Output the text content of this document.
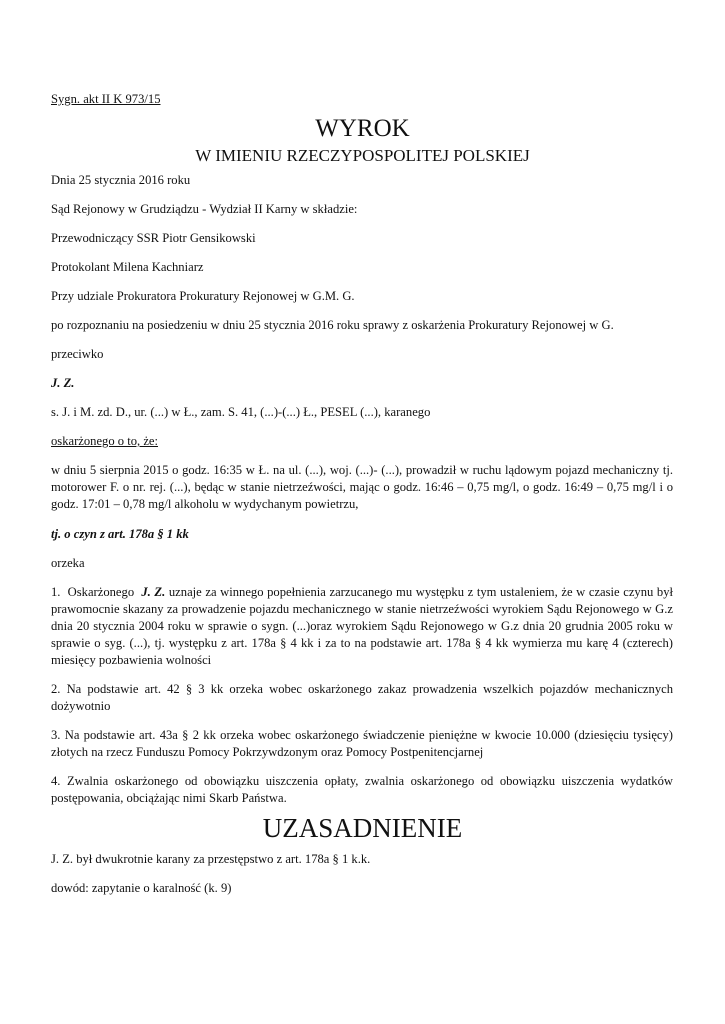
Sygn. akt II K 973/15
WYROK
W IMIENIU RZECZYPOSPOLITEJ POLSKIEJ
Dnia 25 stycznia 2016 roku
Sąd Rejonowy w Grudziądzu - Wydział II Karny w składzie:
Przewodniczący SSR Piotr Gensikowski
Protokolant Milena Kachniarz
Przy udziale Prokuratora Prokuratury Rejonowej w G.M. G.
po rozpoznaniu na posiedzeniu w dniu 25 stycznia 2016 roku sprawy z oskarżenia Prokuratury Rejonowej w G.
przeciwko
J. Z.
s. J. i M. zd. D., ur. (...) w Ł., zam. S. 41, (...)-(...) Ł., PESEL (...), karanego
oskarżonego o to, że:
w dniu 5 sierpnia 2015 o godz. 16:35 w Ł. na ul. (...), woj. (...)- (...), prowadził w ruchu lądowym pojazd mechaniczny tj. motorower F. o nr. rej. (...), będąc w stanie nietrzeźwości, mając o godz. 16:46 – 0,75 mg/l, o godz. 16:49 – 0,75 mg/l i o godz. 17:01 – 0,78 mg/l alkoholu w wydychanym powietrzu,
tj. o czyn z art. 178a § 1 kk
orzeka
1.  Oskarżonego  J. Z. uznaje za winnego popełnienia zarzucanego mu występku z tym ustaleniem, że w czasie czynu był prawomocnie skazany za prowadzenie pojazdu mechanicznego w stanie nietrzeźwości wyrokiem Sądu Rejonowego w G.z dnia 20 stycznia 2004 roku w sprawie o sygn. (...)oraz wyrokiem Sądu Rejonowego w G.z dnia 20 grudnia 2005 roku w sprawie o syg. (...), tj. występku z art. 178a § 4 kk i za to na podstawie art. 178a § 4 kk wymierza mu karę 4 (czterech) miesięcy pozbawienia wolności
2. Na podstawie art. 42 § 3 kk orzeka wobec oskarżonego zakaz prowadzenia wszelkich pojazdów mechanicznych dożywotnio
3. Na podstawie art. 43a § 2 kk orzeka wobec oskarżonego świadczenie pieniężne w kwocie 10.000 (dziesięciu tysięcy) złotych na rzecz Funduszu Pomocy Pokrzywdzonym oraz Pomocy Postpenitencjarnej
4. Zwalnia oskarżonego od obowiązku uiszczenia opłaty, zwalnia oskarżonego od obowiązku uiszczenia wydatków postępowania, obciążając nimi Skarb Państwa.
UZASADNIENIE
J. Z. był dwukrotnie karany za przestępstwo z art. 178a § 1 k.k.
dowód: zapytanie o karalność (k. 9)
